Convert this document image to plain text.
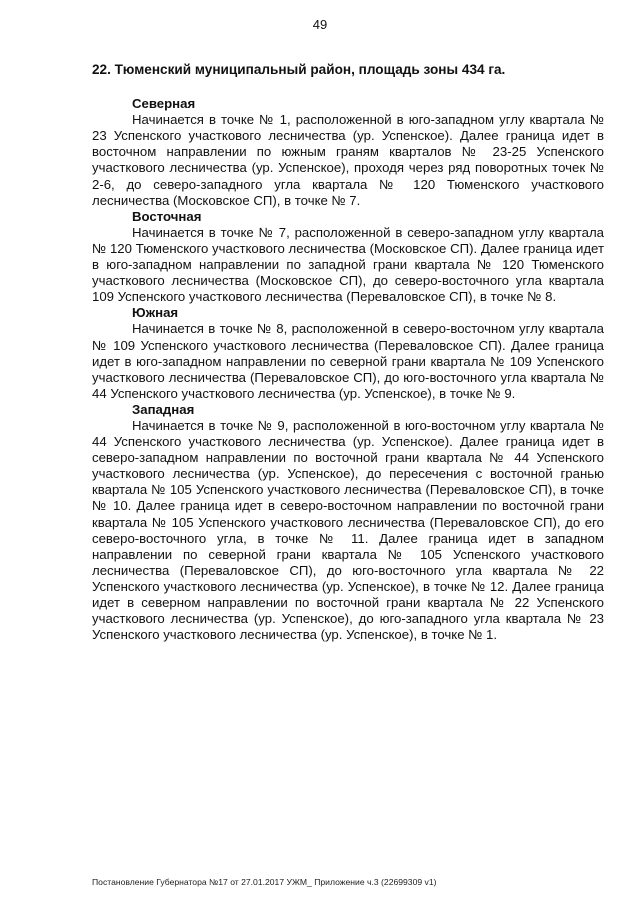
49

22. Тюменский муниципальный район, площадь зоны 434 га.

Северная

Начинается в точке № 1, расположенной в юго-западном углу квартала № 23 Успенского участкового лесничества (ур. Успенское). Далее граница идет в восточном направлении по южным граням кварталов № 23-25 Успенского участкового лесничества (ур. Успенское), проходя через ряд поворотных точек № 2-6, до северо-западного угла квартала № 120 Тюменского участкового лесничества (Московское СП), в точке № 7.

Восточная

Начинается в точке № 7, расположенной в северо-западном углу квартала № 120 Тюменского участкового лесничества (Московское СП). Далее граница идет в юго-западном направлении по западной грани квартала № 120 Тюменского участкового лесничества (Московское СП), до северо-восточного угла квартала 109 Успенского участкового лесничества (Переваловское СП), в точке № 8.

Южная

Начинается в точке № 8, расположенной в северо-восточном углу квартала № 109 Успенского участкового лесничества (Переваловское СП). Далее граница идет в юго-западном направлении по северной грани квартала № 109 Успенского участкового лесничества (Переваловское СП), до юго-восточного угла квартала № 44 Успенского участкового лесничества (ур. Успенское), в точке № 9.

Западная

Начинается в точке № 9, расположенной в юго-восточном углу квартала № 44 Успенского участкового лесничества (ур. Успенское). Далее граница идет в северо-западном направлении по восточной грани квартала № 44 Успенского участкового лесничества (ур. Успенское), до пересечения с восточной гранью квартала № 105 Успенского участкового лесничества (Переваловское СП), в точке № 10. Далее граница идет в северо-восточном направлении по восточной грани квартала № 105 Успенского участкового лесничества (Переваловское СП), до его северо-восточного угла, в точке № 11. Далее граница идет в западном направлении по северной грани квартала № 105 Успенского участкового лесничества (Переваловское СП), до юго-восточного угла квартала № 22 Успенского участкового лесничества (ур. Успенское), в точке № 12. Далее граница идет в северном направлении по восточной грани квартала № 22 Успенского участкового лесничества (ур. Успенское), до юго-западного угла квартала № 23 Успенского участкового лесничества (ур. Успенское), в точке № 1.

Постановление Губернатора №17 от 27.01.2017 УЖМ_ Приложение ч.3 (22699309 v1)
